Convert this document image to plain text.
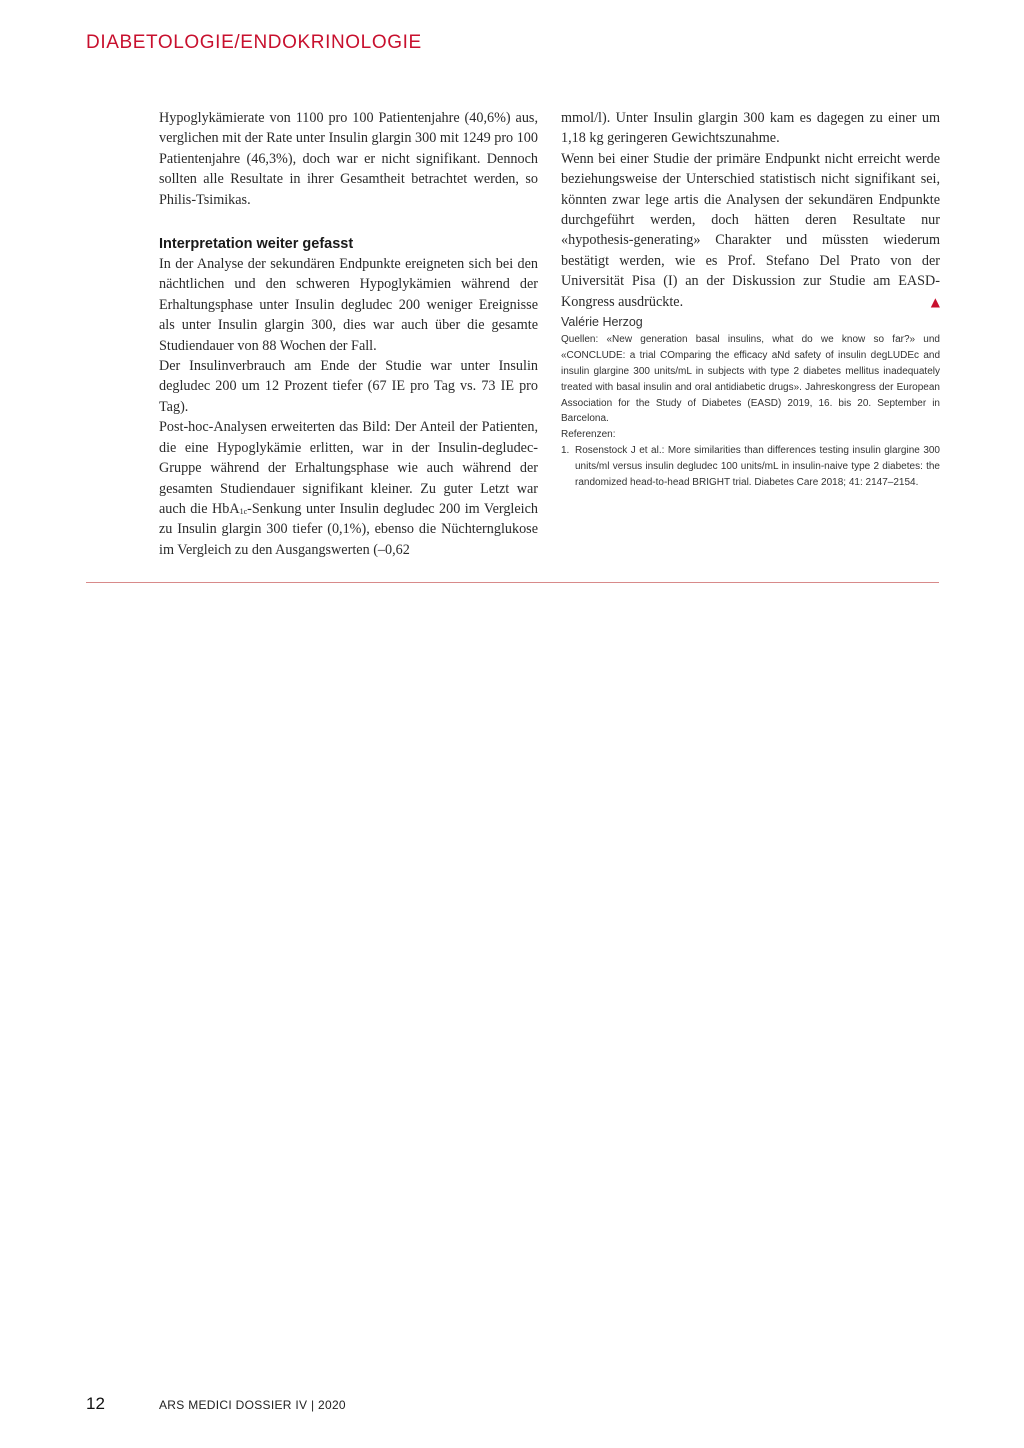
DIABETOLOGIE/ENDOKRINOLOGIE

Hypoglykämierate von 1100 pro 100 Patientenjahre (40,6%) aus, verglichen mit der Rate unter Insulin glargin 300 mit 1249 pro 100 Patientenjahre (46,3%), doch war er nicht signifikant. Dennoch sollten alle Resultate in ihrer Gesamtheit betrachtet werden, so Philis-Tsimikas.

Interpretation weiter gefasst

In der Analyse der sekundären Endpunkte ereigneten sich bei den nächtlichen und den schweren Hypoglykämien während der Erhaltungsphase unter Insulin degludec 200 weniger Ereignisse als unter Insulin glargin 300, dies war auch über die gesamte Studiendauer von 88 Wochen der Fall.

Der Insulinverbrauch am Ende der Studie war unter Insulin degludec 200 um 12 Prozent tiefer (67 IE pro Tag vs. 73 IE pro Tag).

Post-hoc-Analysen erweiterten das Bild: Der Anteil der Patienten, die eine Hypoglykämie erlitten, war in der Insulin-degludec-Gruppe während der Erhaltungsphase wie auch während der gesamten Studiendauer signifikant kleiner. Zu guter Letzt war auch die HbA$_{1c}$-Senkung unter Insulin degludec 200 im Vergleich zu Insulin glargin 300 tiefer (0,1%), ebenso die Nüchternglukose im Vergleich zu den Ausgangswerten (–0,62

mmol/l). Unter Insulin glargin 300 kam es dagegen zu einer um 1,18 kg geringeren Gewichtszunahme.

Wenn bei einer Studie der primäre Endpunkt nicht erreicht werde beziehungsweise der Unterschied statistisch nicht signifikant sei, könnten zwar lege artis die Analysen der sekundären Endpunkte durchgeführt werden, doch hätten deren Resultate nur «hypothesis-generating» Charakter und müssten wiederum bestätigt werden, wie es Prof. Stefano Del Prato von der Universität Pisa (I) an der Diskussion zur Studie am EASD-Kongress ausdrückte.	▲

Valérie Herzog

Quellen: «New generation basal insulins, what do we know so far?» und «CONCLUDE: a trial COmparing the efficacy aNd safety of insulin degLUDEc and insulin glargine 300 units/mL in subjects with type 2 diabetes mellitus inadequately treated with basal insulin and oral antidiabetic drugs». Jahreskongress der European Association for the Study of Diabetes (EASD) 2019, 16. bis 20. September in Barcelona.

Referenzen:

1. Rosenstock J et al.: More similarities than differences testing insulin glargine 300 units/ml versus insulin degludec 100 units/mL in insulin-naive type 2 diabetes: the randomized head-to-head BRIGHT trial. Diabetes Care 2018; 41: 2147–2154.
12	ARS MEDICI DOSSIER IV | 2020
